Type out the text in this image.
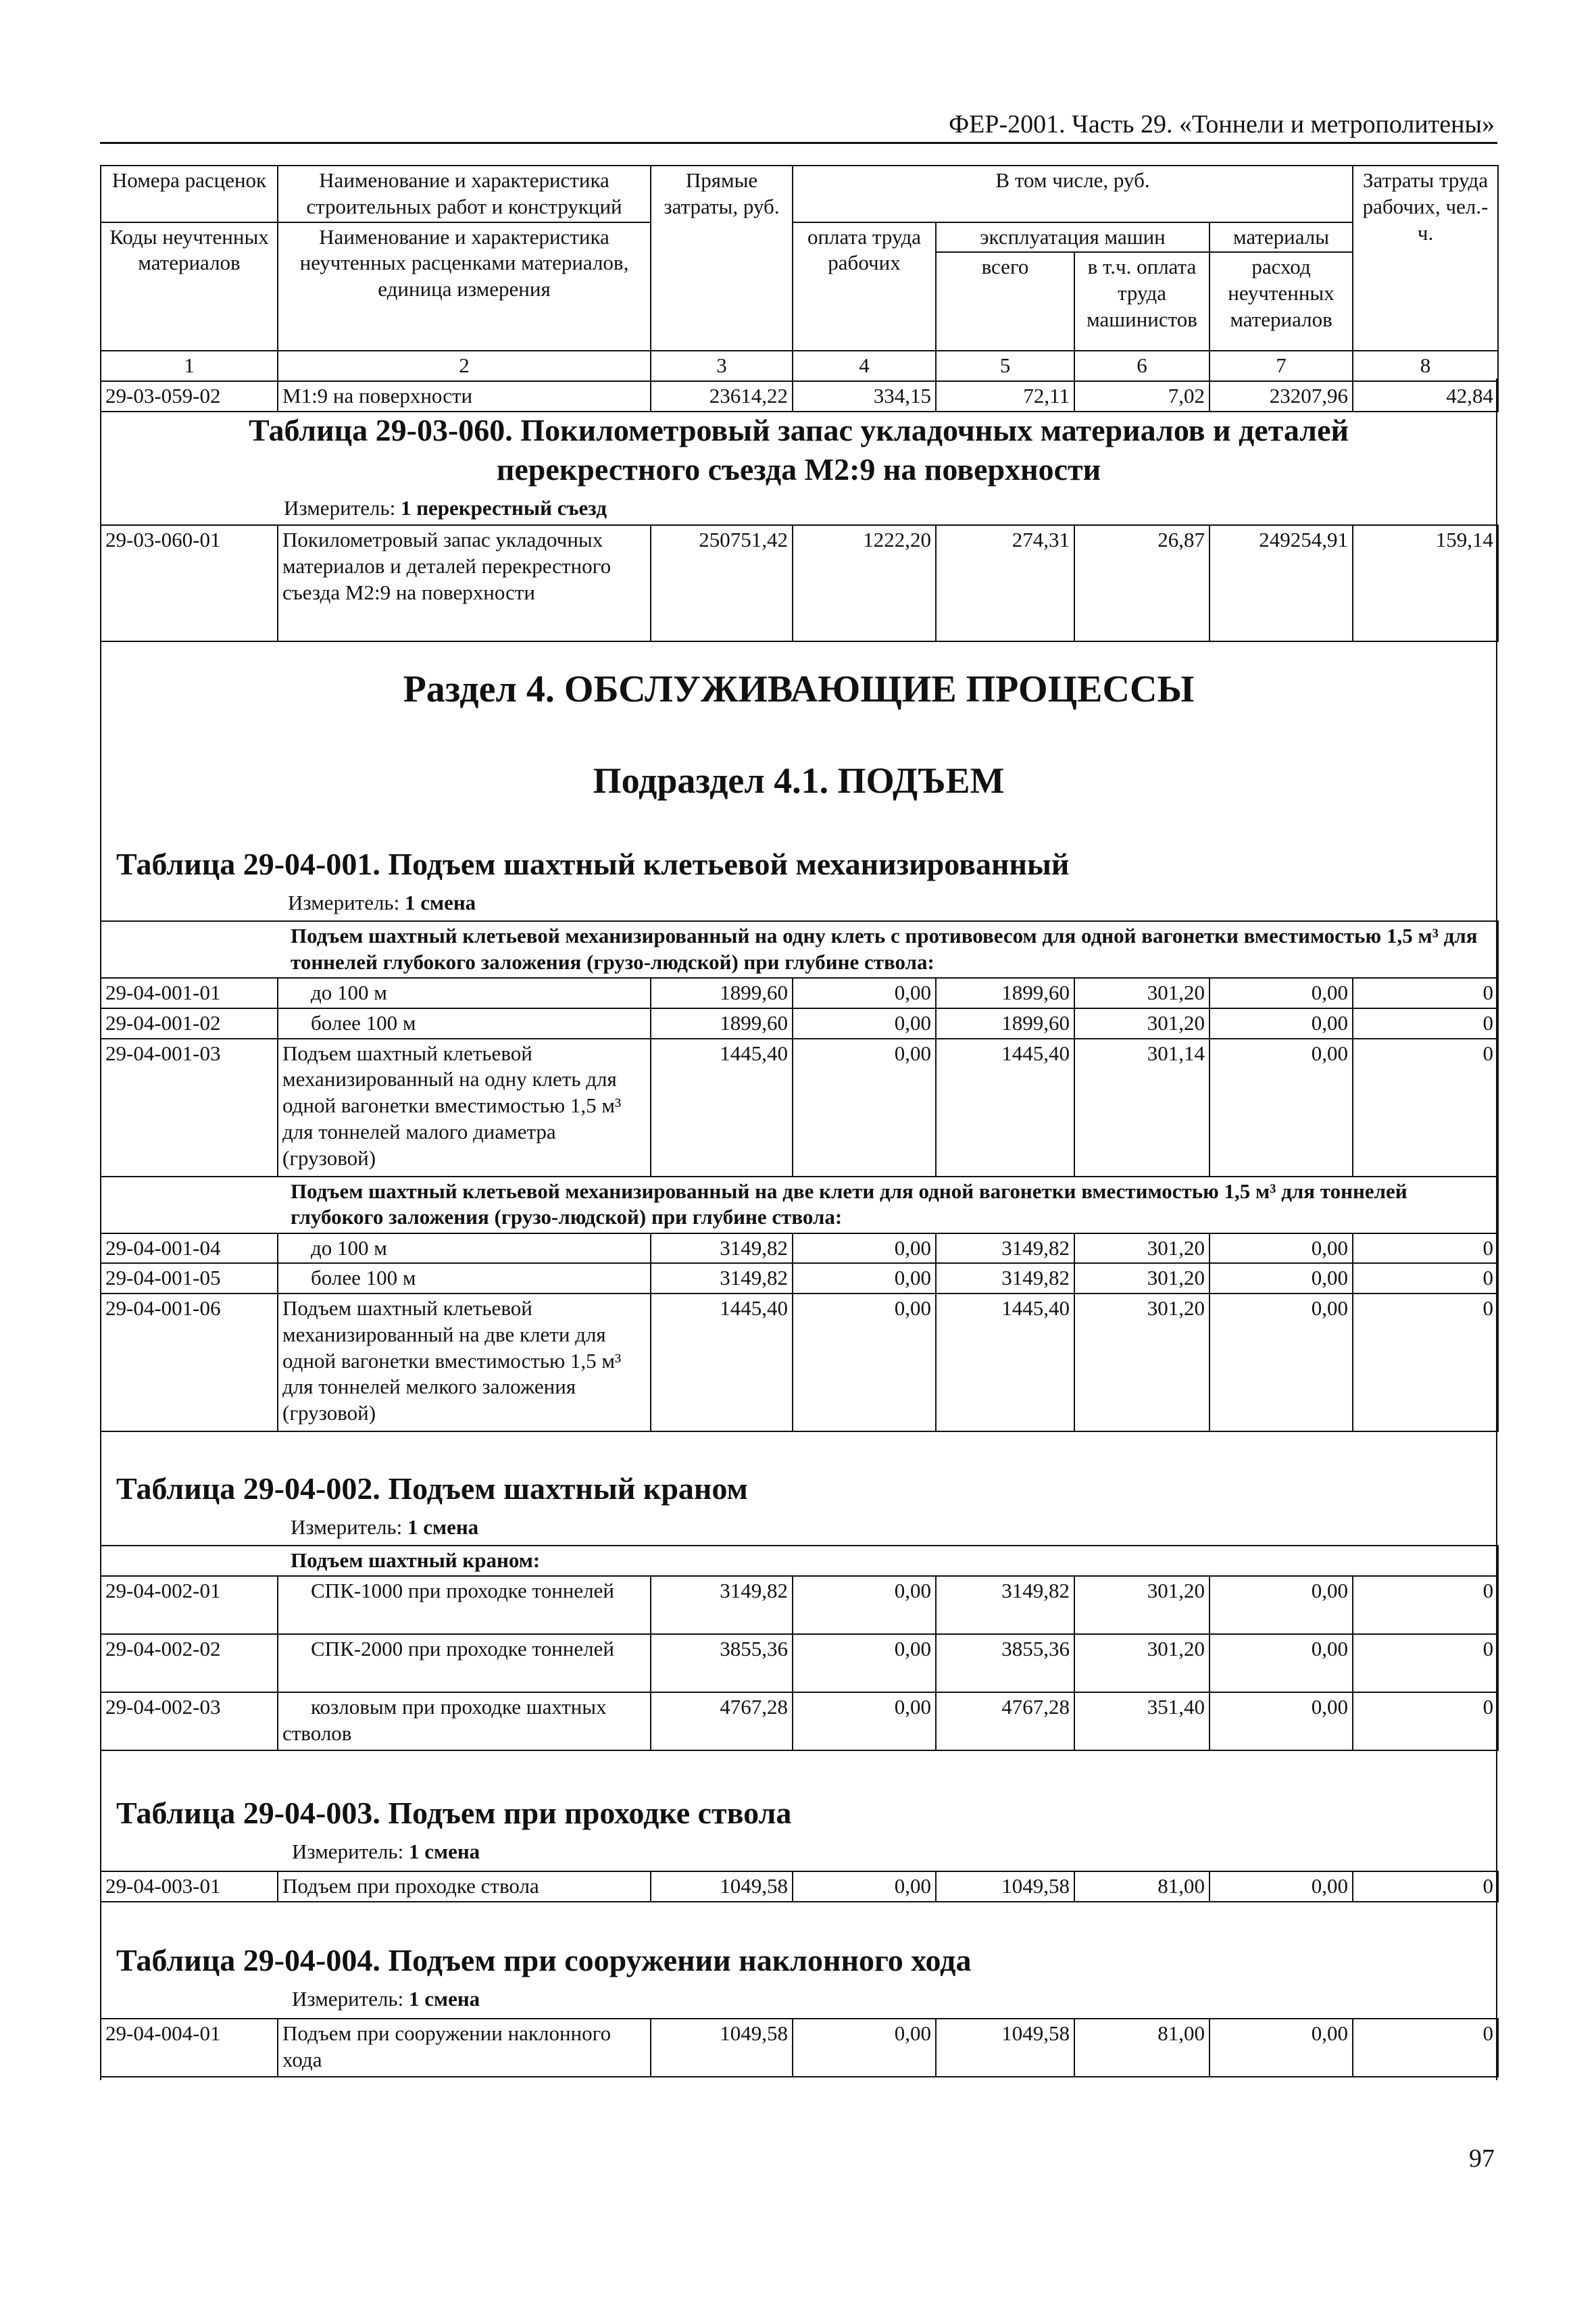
ФЕР-2001. Часть 29. «Тоннели и метрополитены»
Номера расценок	Наименование и характеристика строительных работ и конструкций	Прямые затраты, руб.	В том числе, руб.				Затраты труда рабочих, чел.-ч.
Коды неучтенных материалов	Наименование и характеристика неучтенных расценками материалов, единица измерения		оплата труда рабочих	эксплуатация машин		материалы	
				всего	в т.ч. оплата труда машинистов	расход неучтенных материалов	
1	2	3	4	5	6	7	8
29-03-059-02	М1:9 на поверхности	23614,22	334,15	72,11	7,02	23207,96	42,84
Таблица 29-03-060. Покилометровый запас укладочных материалов и деталей
перекрестного съезда М2:9 на поверхности
Измеритель: 1 перекрестный съезд
29-03-060-01	Покилометровый запас укладочных материалов и деталей перекрестного съезда М2:9 на поверхности	250751,42	1222,20	274,31	26,87	249254,91	159,14
Раздел 4. ОБСЛУЖИВАЮЩИЕ ПРОЦЕССЫ
Подраздел 4.1. ПОДЪЕМ
Таблица 29-04-001. Подъем шахтный клетьевой механизированный
Измеритель: 1 смена
Подъем шахтный клетьевой механизированный на одну клеть с противовесом для одной вагонетки вместимостью 1,5 м³ для тоннелей глубокого заложения (грузо-людской) при глубине ствола:							
29-04-001-01	до 100 м	1899,60	0,00	1899,60	301,20	0,00	0
29-04-001-02	более 100 м	1899,60	0,00	1899,60	301,20	0,00	0
29-04-001-03	Подъем шахтный клетьевой механизированный на одну клеть для одной вагонетки вместимостью 1,5 м³ для тоннелей малого диаметра (грузовой)	1445,40	0,00	1445,40	301,14	0,00	0
Подъем шахтный клетьевой механизированный на две клети для одной вагонетки вместимостью 1,5 м³ для тоннелей глубокого заложения (грузо-людской) при глубине ствола:							
29-04-001-04	до 100 м	3149,82	0,00	3149,82	301,20	0,00	0
29-04-001-05	более 100 м	3149,82	0,00	3149,82	301,20	0,00	0
29-04-001-06	Подъем шахтный клетьевой механизированный на две клети для одной вагонетки вместимостью 1,5 м³ для тоннелей мелкого заложения (грузовой)	1445,40	0,00	1445,40	301,20	0,00	0
Таблица 29-04-002. Подъем шахтный краном
Измеритель: 1 смена
Подъем шахтный краном:							
29-04-002-01	СПК-1000 при проходке тоннелей	3149,82	0,00	3149,82	301,20	0,00	0
29-04-002-02	СПК-2000 при проходке тоннелей	3855,36	0,00	3855,36	301,20	0,00	0
29-04-002-03	козловым при проходке шахтных стволов	4767,28	0,00	4767,28	351,40	0,00	0
Таблица 29-04-003. Подъем при проходке ствола
Измеритель: 1 смена
29-04-003-01	Подъем при проходке ствола	1049,58	0,00	1049,58	81,00	0,00	0
Таблица 29-04-004. Подъем при сооружении наклонного хода
Измеритель: 1 смена
29-04-004-01	Подъем при сооружении наклонного хода	1049,58	0,00	1049,58	81,00	0,00	0
97
